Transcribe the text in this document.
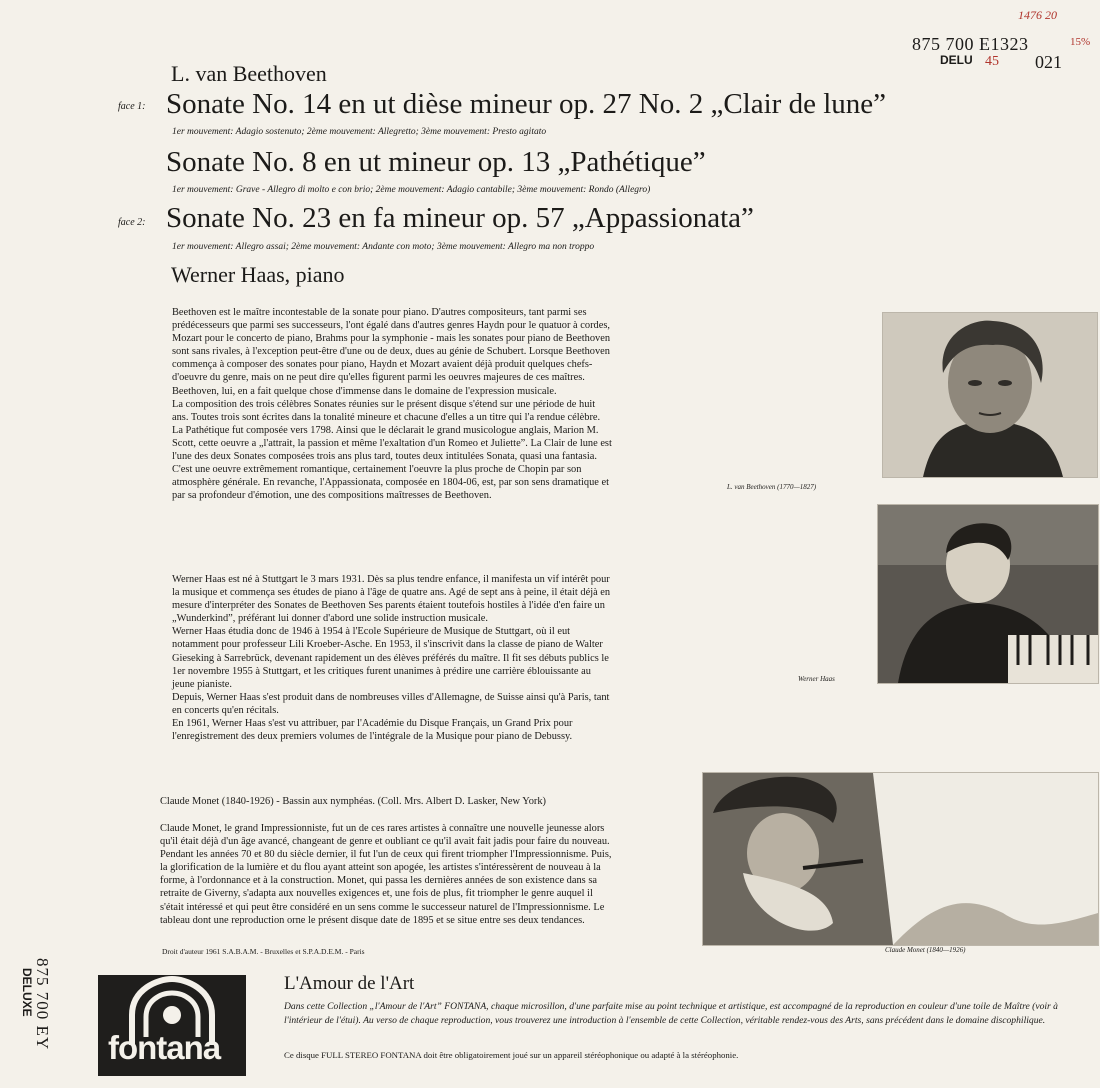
1476 20
875 700 E1323	15%
DELU 45 021
L. van Beethoven
face 1: Sonate No. 14 en ut dièse mineur op. 27 No. 2 „Clair de lune”
1er mouvement: Adagio sostenuto; 2ème mouvement: Allegretto; 3ème mouvement: Presto agitato
Sonate No. 8 en ut mineur op. 13 „Pathétique”
1er mouvement: Grave - Allegro di molto e con brio; 2ème mouvement: Adagio cantabile; 3ème mouvement: Rondo (Allegro)
face 2: Sonate No. 23 en fa mineur op. 57 „Appassionata”
1er mouvement: Allegro assai; 2ème mouvement: Andante con moto; 3ème mouvement: Allegro ma non troppo
Werner Haas, piano

Beethoven est le maître incontestable de la sonate pour piano. D'autres compositeurs, tant parmi ses prédécesseurs que parmi ses successeurs, l'ont égalé dans d'autres genres Haydn pour le quatuor à cordes, Mozart pour le concerto de piano, Brahms pour la symphonie - mais les sonates pour piano de Beethoven sont sans rivales, à l'exception peut-être d'une ou de deux, dues au génie de Schubert. Lorsque Beethoven commença à composer des sonates pour piano, Haydn et Mozart avaient déjà produit quelques chefs-d'oeuvre du genre, mais on ne peut dire qu'elles figurent parmi les oeuvres majeures de ces maîtres. Beethoven, lui, en a fait quelque chose d'immense dans le domaine de l'expression musicale.

La composition des trois célèbres Sonates réunies sur le présent disque s'étend sur une période de huit ans. Toutes trois sont écrites dans la tonalité mineure et chacune d'elles a un titre qui l'a rendue célèbre. La Pathétique fut composée vers 1798. Ainsi que le déclarait le grand musicologue anglais, Marion M. Scott, cette oeuvre a „l'attrait, la passion et même l'exaltation d'un Romeo et Juliette”. La Clair de lune est l'une des deux Sonates composées trois ans plus tard, toutes deux intitulées Sonata, quasi una fantasia. C'est une oeuvre extrêmement romantique, certainement l'oeuvre la plus proche de Chopin par son atmosphère générale. En revanche, l'Appassionata, composée en 1804-06, est, par son sens dramatique et par sa profondeur d'émotion, une des compositions maîtresses de Beethoven.

Werner Haas est né à Stuttgart le 3 mars 1931. Dès sa plus tendre enfance, il manifesta un vif intérêt pour la musique et commença ses études de piano à l'âge de quatre ans. Agé de sept ans à peine, il était déjà en mesure d'interpréter des Sonates de Beethoven Ses parents étaient toutefois hostiles à l'idée d'en faire un „Wunderkind”, préférant lui donner d'abord une solide instruction musicale.

Werner Haas étudia donc de 1946 à 1954 à l'Ecole Supérieure de Musique de Stuttgart, où il eut notamment pour professeur Lili Kroeber-Asche. En 1953, il s'inscrivit dans la classe de piano de Walter Gieseking à Sarrebrück, devenant rapidement un des élèves préférés du maître. Il fit ses débuts publics le 1er novembre 1955 à Stuttgart, et les critiques furent unanimes à prédire une carrière éblouissante au jeune pianiste.

Depuis, Werner Haas s'est produit dans de nombreuses villes d'Allemagne, de Suisse ainsi qu'à Paris, tant en concerts qu'en récitals.

En 1961, Werner Haas s'est vu attribuer, par l'Académie du Disque Français, un Grand Prix pour l'enregistrement des deux premiers volumes de l'intégrale de la Musique pour piano de Debussy.

Claude Monet (1840-1926) - Bassin aux nymphéas. (Coll. Mrs. Albert D. Lasker, New York)

Claude Monet, le grand Impressionniste, fut un de ces rares artistes à connaître une nouvelle jeunesse alors qu'il était déjà d'un âge avancé, changeant de genre et oubliant ce qu'il avait fait jadis pour faire du nouveau. Pendant les années 70 et 80 du siècle dernier, il fut l'un de ceux qui firent triompher l'Impressionnisme. Puis, la glorification de la lumière et du flou ayant atteint son apogée, les artistes s'intéressèrent de nouveau à la forme, à l'ordonnance et à la construction. Monet, qui passa les dernières années de son existence dans sa retraite de Giverny, s'adapta aux nouvelles exigences et, une fois de plus, fit triompher le genre auquel il s'était intéressé et qui peut être considéré en un sens comme le successeur naturel de l'Impressionnisme. Le tableau dont une reproduction orne le présent disque date de 1895 et se situe entre ses deux tendances.

Droit d'auteur 1961 S.A.B.A.M. - Bruxelles et S.P.A.D.E.M. - Paris
L. van Beethoven (1770—1827)
Werner Haas
Claude Monet (1840—1926)
875 700 EY
DELUXE
fontana
L'Amour de l'Art
Dans cette Collection „l'Amour de l'Art” FONTANA, chaque microsillon, d'une parfaite mise au point technique et artistique, est accompagné de la reproduction en couleur d'une toile de Maître (voir à l'intérieur de l'étui). Au verso de chaque reproduction, vous trouverez une introduction à l'ensemble de cette Collection, véritable rendez-vous des Arts, sans précédent dans le domaine discophilique.
Ce disque FULL STEREO FONTANA doit être obligatoirement joué sur un appareil stéréophonique ou adapté à la stéréophonie.
